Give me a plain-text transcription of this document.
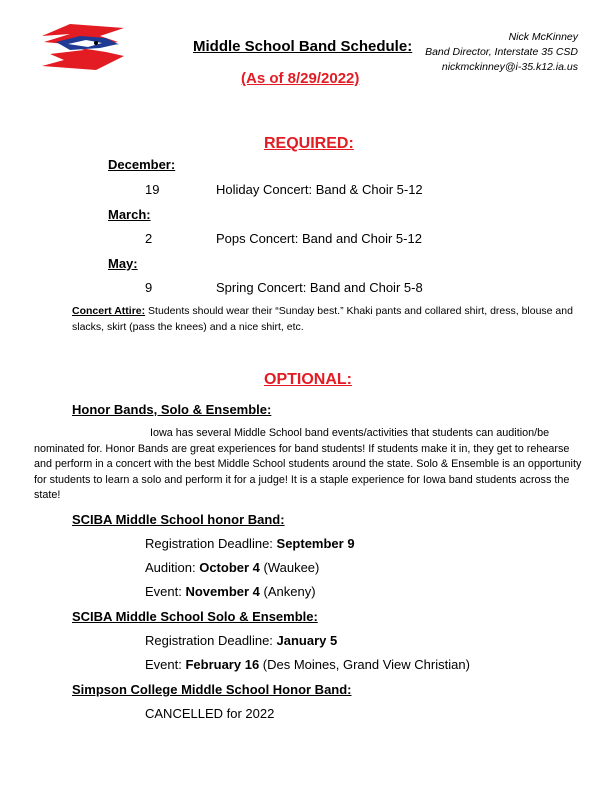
Middle School Band Schedule:
(As of 8/29/2022)
Nick McKinney
Band Director, Interstate 35 CSD
nickmckinney@i-35.k12.ia.us
REQUIRED:
December:
19	Holiday Concert: Band & Choir 5-12
March:
2	Pops Concert: Band and Choir 5-12
May:
9	Spring Concert: Band and Choir 5-8
Concert Attire: Students should wear their “Sunday best.” Khaki pants and collared shirt, dress, blouse and slacks, skirt (pass the knees) and a nice shirt, etc.
OPTIONAL:
Honor Bands, Solo & Ensemble:
Iowa has several Middle School band events/activities that students can audition/be nominated for. Honor Bands are great experiences for band students! If students make it in, they get to rehearse and perform in a concert with the best Middle School students around the state. Solo & Ensemble is an opportunity for students to learn a solo and perform it for a judge! It is a staple experience for Iowa band students across the state!
SCIBA Middle School honor Band:
Registration Deadline: September 9
Audition: October 4 (Waukee)
Event: November 4 (Ankeny)
SCIBA Middle School Solo & Ensemble:
Registration Deadline: January 5
Event: February 16 (Des Moines, Grand View Christian)
Simpson College Middle School Honor Band:
CANCELLED for 2022
